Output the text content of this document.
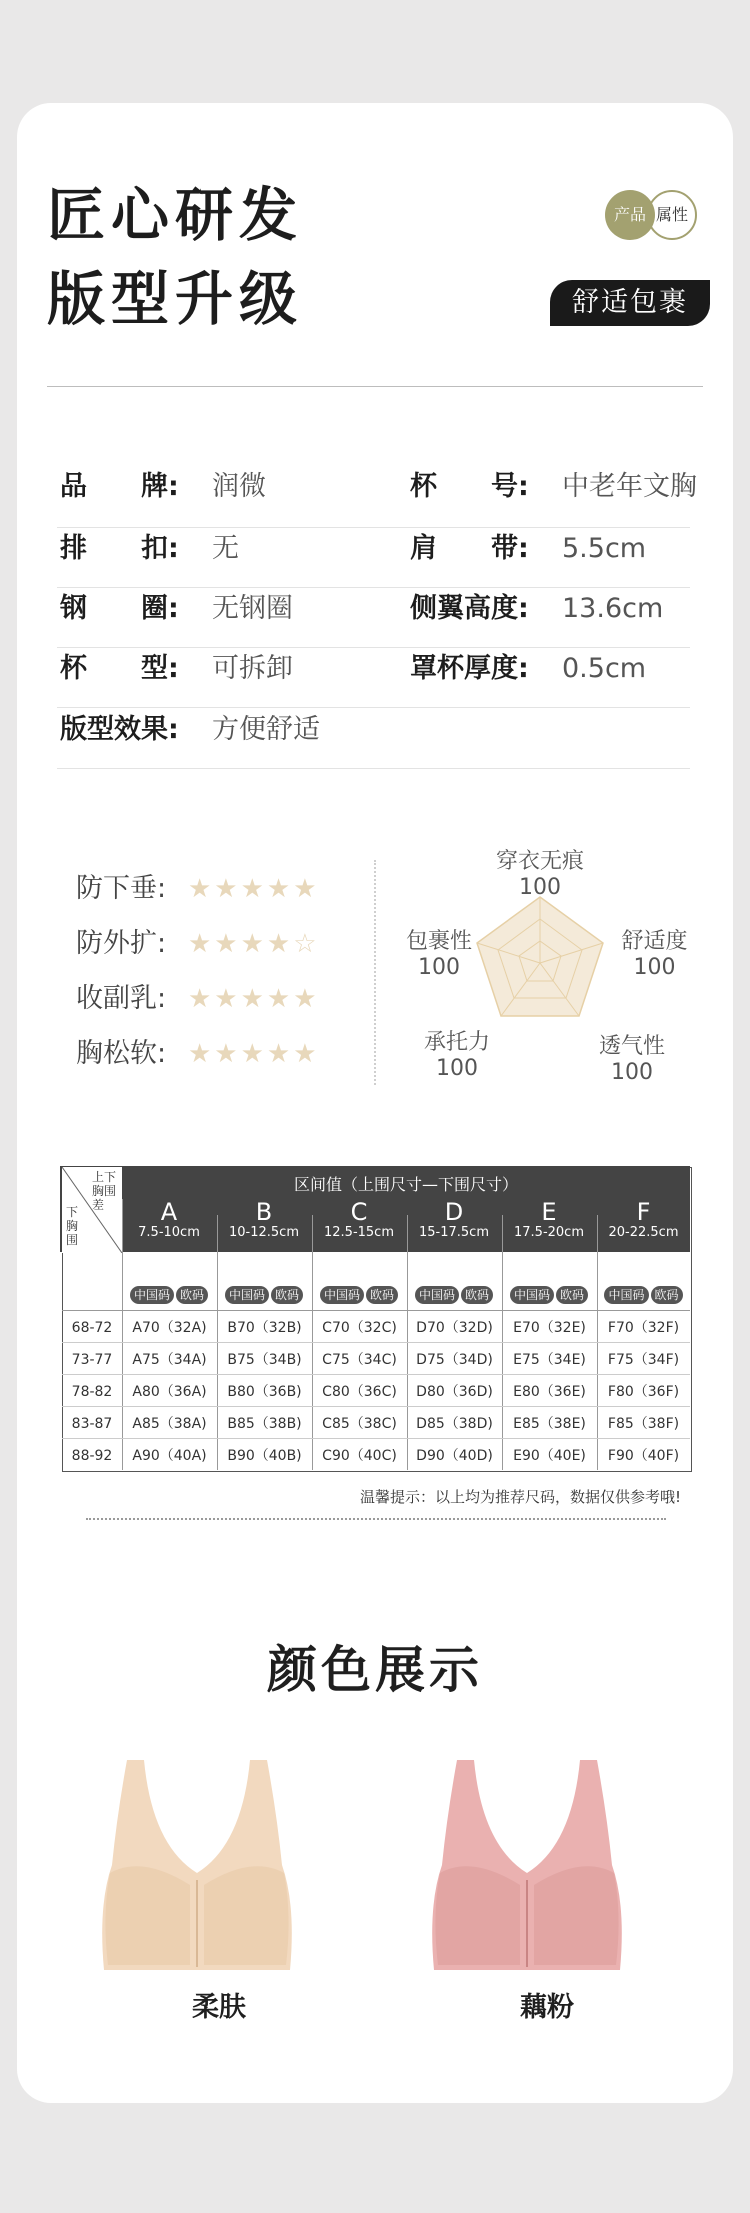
匠心研发
版型升级
属性
产品
舒适包裹
品　　牌: 润微	杯　　号: 中老年文胸
排　　扣: 无	肩　　带: 5.5cm
钢　　圈: 无钢圈	侧翼高度: 13.6cm
杯　　型: 可拆卸	罩杯厚度: 0.5cm
版型效果: 方便舒适
防下垂: ★★★★★
防外扩: ★★★★☆
收副乳: ★★★★★
胸松软: ★★★★★
穿衣无痕
100
舒适度
100
透气性
100
承托力
100
包裹性
100
上下胸围差
下胸围
区间值（上围尺寸—下围尺寸）
A
7.5-10cm
B
10-12.5cm
C
12.5-15cm
D
15-17.5cm
E
17.5-20cm
F
20-22.5cm
中国码 欧码	中国码 欧码	中国码 欧码	中国码 欧码	中国码 欧码	中国码 欧码
68-72	A70（32A)	B70（32B)	C70（32C)	D70（32D)	E70（32E)	F70（32F)
73-77	A75（34A)	B75（34B)	C75（34C)	D75（34D)	E75（34E)	F75（34F)
78-82	A80（36A)	B80（36B)	C80（36C)	D80（36D)	E80（36E)	F80（36F)
83-87	A85（38A)	B85（38B)	C85（38C)	D85（38D)	E85（38E)	F85（38F)
88-92	A90（40A)	B90（40B)	C90（40C)	D90（40D)	E90（40E)	F90（40F)
温馨提示：以上均为推荐尺码，数据仅供参考哦!
颜色展示
柔肤	藕粉
